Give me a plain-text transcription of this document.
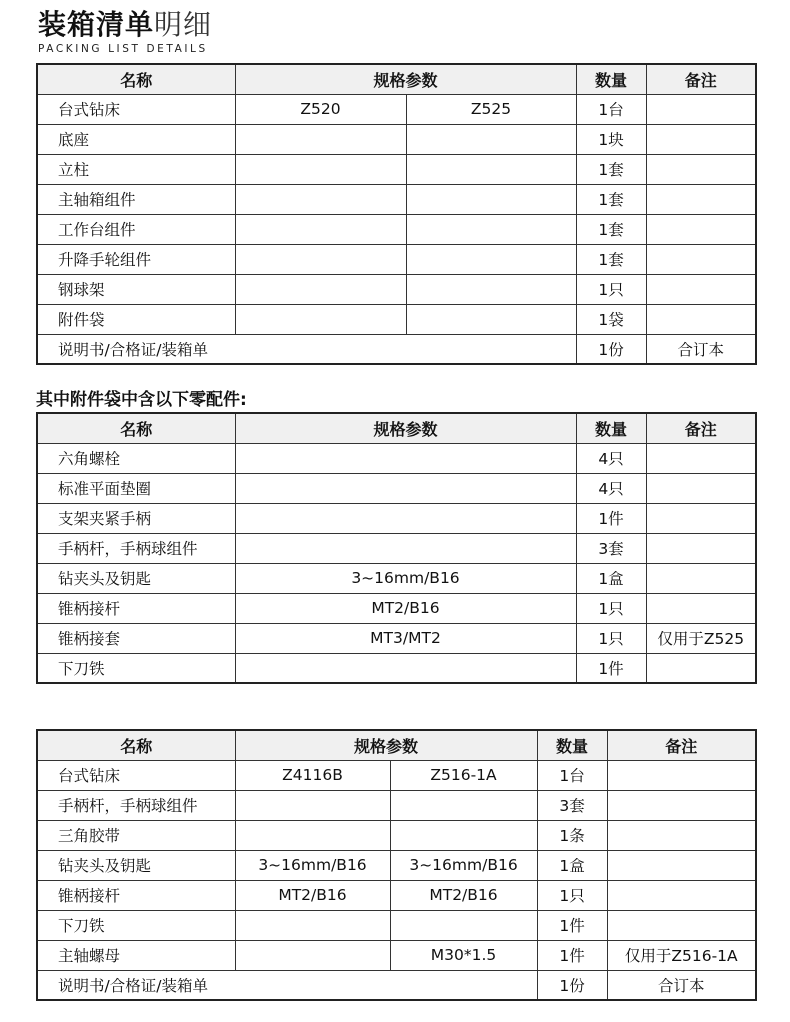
装箱清单明细
PACKING LIST DETAILS
名称	规格参数		数量	备注
台式钻床	Z520	Z525	1台	
底座			1块	
立柱			1套	
主轴箱组件			1套	
工作台组件			1套	
升降手轮组件			1套	
钢球架			1只	
附件袋			1袋	
说明书/合格证/装箱单			1份	合订本
其中附件袋中含以下零配件:
名称	规格参数	数量	备注
六角螺栓		4只	
标准平面垫圈		4只	
支架夹紧手柄		1件	
手柄杆，手柄球组件		3套	
钻夹头及钥匙	3~16mm/B16	1盒	
锥柄接杆	MT2/B16	1只	
锥柄接套	MT3/MT2	1只	仅用于Z525
下刀铁		1件	
名称	规格参数		数量	备注
台式钻床	Z4116B	Z516-1A	1台	
手柄杆，手柄球组件			3套	
三角胶带			1条	
钻夹头及钥匙	3~16mm/B16	3~16mm/B16	1盒	
锥柄接杆	MT2/B16	MT2/B16	1只	
下刀铁			1件	
主轴螺母		M30*1.5	1件	仅用于Z516-1A
说明书/合格证/装箱单			1份	合订本
